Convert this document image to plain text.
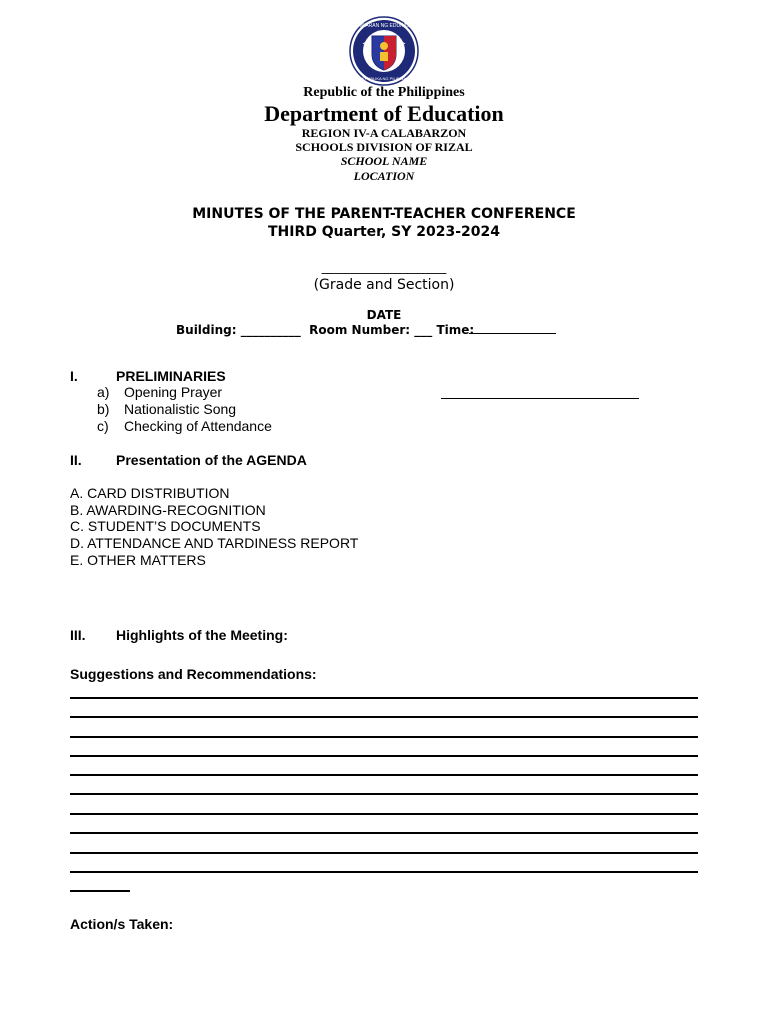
KAGAWARAN NG EDUKASYON
REPUBLIKA NG PILIPINAS
Republic of the Philippines
Department of Education
REGION IV-A CALABARZON
SCHOOLS DIVISION OF RIZAL
SCHOOL NAME
LOCATION
MINUTES OF THE PARENT-TEACHER CONFERENCE
THIRD Quarter, SY 2023-2024
________________
(Grade and Section)
DATE
Building: __________ Room Number: ___ Time:
I.	PRELIMINARIES
a) Opening Prayer
b) Nationalistic Song
c) Checking of Attendance
II. Presentation of the AGENDA
A. CARD DISTRIBUTION
B. AWARDING-RECOGNITION
C. STUDENT’S DOCUMENTS
D. ATTENDANCE AND TARDINESS REPORT
E. OTHER MATTERS
III. Highlights of the Meeting:
Suggestions and Recommendations:
Action/s Taken:
